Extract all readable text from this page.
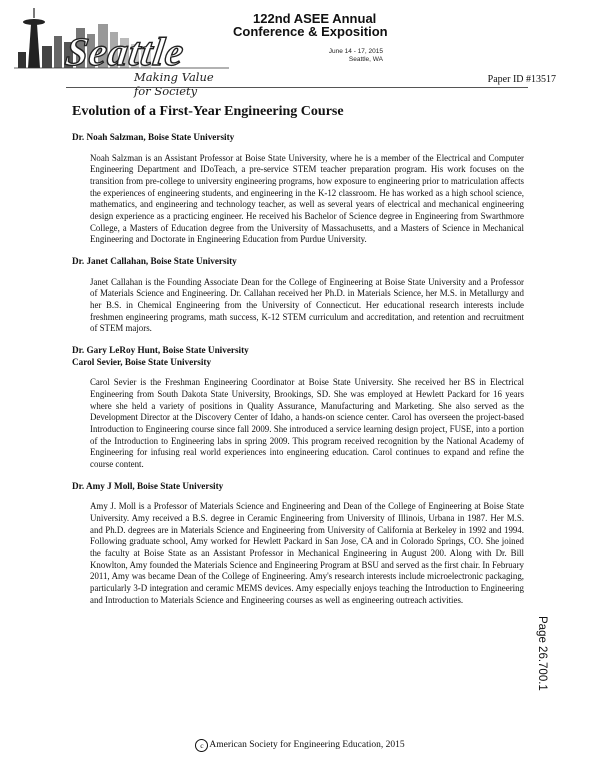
Seattle
Making Value for Society
122nd ASEE Annual
Conference & Exposition
June 14 - 17, 2015
Seattle, WA
Paper ID #13517
Evolution of a First-Year Engineering Course
Dr. Noah Salzman, Boise State University

Noah Salzman is an Assistant Professor at Boise State University, where he is a member of the Electrical and Computer Engineering Department and IDoTeach, a pre-service STEM teacher preparation program. His work focuses on the transition from pre-college to university engineering programs, how exposure to engineering prior to matriculation affects the experiences of engineering students, and engineering in the K-12 classroom. He has worked as a high school science, mathematics, and engineering and technology teacher, as well as several years of electrical and mechanical engineering design experience as a practicing engineer. He received his Bachelor of Science degree in Engineering from Swarthmore College, a Masters of Education degree from the University of Massachusetts, and a Masters of Science in Mechanical Engineering and Doctorate in Engineering Education from Purdue University.

Dr. Janet Callahan, Boise State University

Janet Callahan is the Founding Associate Dean for the College of Engineering at Boise State University and a Professor of Materials Science and Engineering. Dr. Callahan received her Ph.D. in Materials Science, her M.S. in Metallurgy and her B.S. in Chemical Engineering from the University of Connecticut. Her educational research interests include freshmen engineering programs, math success, K-12 STEM curriculum and accreditation, and retention and recruitment of STEM majors.

Dr. Gary LeRoy Hunt, Boise State University
Carol Sevier, Boise State University

Carol Sevier is the Freshman Engineering Coordinator at Boise State University. She received her BS in Electrical Engineering from South Dakota State University, Brookings, SD. She was employed at Hewlett Packard for 16 years where she held a variety of positions in Quality Assurance, Manufacturing and Marketing. She also served as the Development Director at the Discovery Center of Idaho, a hands-on science center. Carol has overseen the project-based Introduction to Engineering course since fall 2009. She introduced a service learning design project, FUSE, into a portion of the Introduction to Engineering labs in spring 2009. This program received recognition by the National Academy of Engineering for infusing real world experiences into engineering education. Carol continues to expand and refine the course content.

Dr. Amy J Moll, Boise State University

Amy J. Moll is a Professor of Materials Science and Engineering and Dean of the College of Engineering at Boise State University. Amy received a B.S. degree in Ceramic Engineering from University of Illinois, Urbana in 1987. Her M.S. and Ph.D. degrees are in Materials Science and Engineering from University of California at Berkeley in 1992 and 1994. Following graduate school, Amy worked for Hewlett Packard in San Jose, CA and in Colorado Springs, CO. She joined the faculty at Boise State as an Assistant Professor in Mechanical Engineering in August 200. Along with Dr. Bill Knowlton, Amy founded the Materials Science and Engineering Program at BSU and served as the first chair. In February 2011, Amy was became Dean of the College of Engineering. Amy's research interests include microelectronic packaging, particularly 3-D integration and ceramic MEMS devices. Amy especially enjoys teaching the Introduction to Engineering and Introduction to Materials Science and Engineering courses as well as engineering outreach activities.

Page 26.700.1
c American Society for Engineering Education, 2015
